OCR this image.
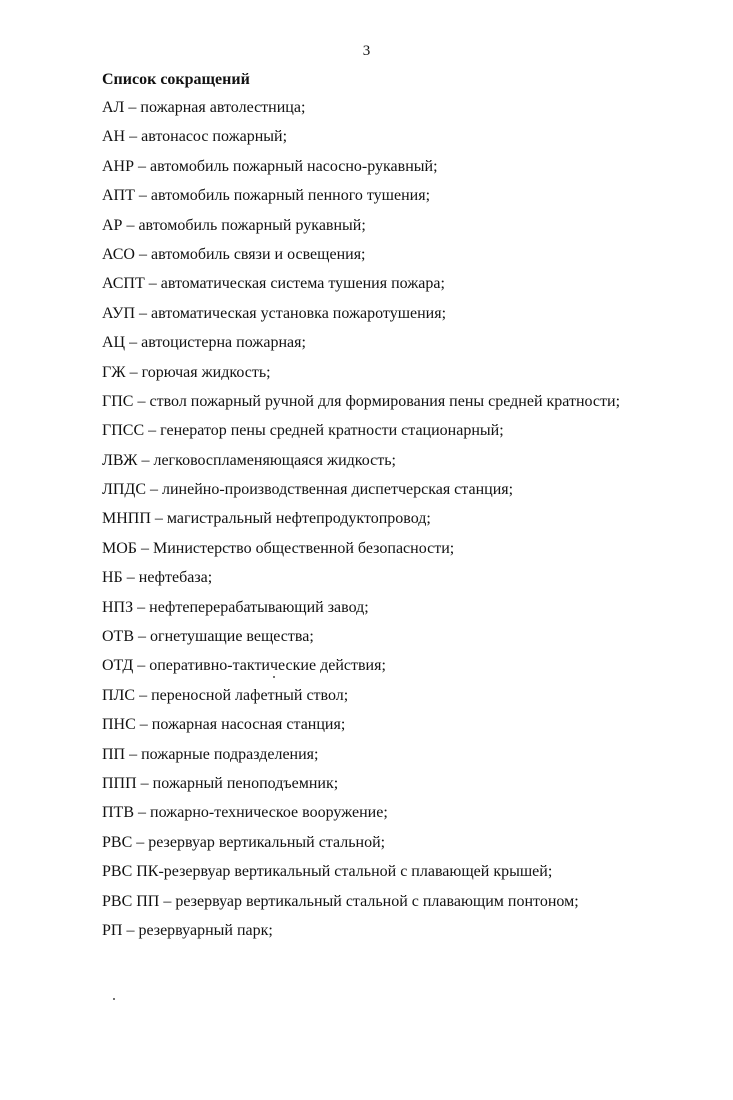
3
Список сокращений
АЛ – пожарная автолестница;
АН – автонасос пожарный;
АНР – автомобиль пожарный насосно-рукавный;
АПТ – автомобиль пожарный пенного тушения;
АР – автомобиль пожарный рукавный;
АСО – автомобиль связи и освещения;
АСПТ – автоматическая система тушения пожара;
АУП – автоматическая установка пожаротушения;
АЦ – автоцистерна пожарная;
ГЖ – горючая жидкость;
ГПС – ствол пожарный ручной для формирования пены средней кратности;
ГПСС – генератор пены средней кратности стационарный;
ЛВЖ – легковоспламеняющаяся жидкость;
ЛПДС – линейно-производственная диспетчерская станция;
МНПП – магистральный нефтепродуктопровод;
МОБ – Министерство общественной безопасности;
НБ – нефтебаза;
НПЗ – нефтеперерабатывающий завод;
ОТВ – огнетушащие вещества;
ОТД – оперативно-тактические действия;
ПЛС – переносной лафетный ствол;
ПНС – пожарная насосная станция;
ПП – пожарные подразделения;
ППП – пожарный пеноподъемник;
ПТВ – пожарно-техническое вооружение;
РВС – резервуар вертикальный стальной;
РВС ПК-резервуар вертикальный стальной с плавающей крышей;
РВС ПП – резервуар вертикальный стальной с плавающим понтоном;
РП – резервуарный парк;
